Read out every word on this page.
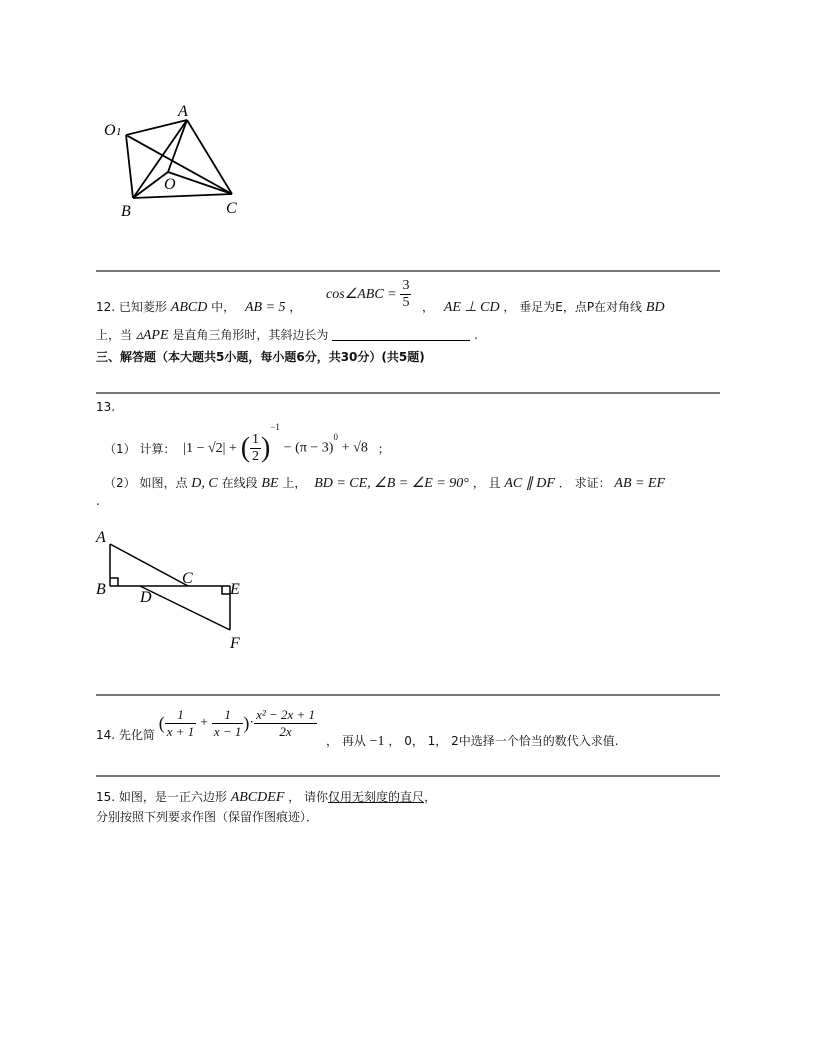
O 1
A
O
B	C
12. 已知菱形 ABCD 中， AB = 5 ，
cos∠ABC = $\frac{3}{5}$ ， AE ⊥ CD ， 垂足为E，点P在对角线 BD
上，当 ▵APE 是直角三角形时，其斜边长为	.
三、解答题（本大题共5小题，每小题6分，共30分）(共5题)
13.
（1） 计算： |1 − √2| + ( $\frac{1}{2} )^{-1} - (\pi - 3)^0 + √8$ ；
（2） 如图，点 D, C 在线段 BE 上， BD = CE, ∠B = ∠E = 90° ， 且 AC ∥ DF ． 求证： AB = EF
.
A
B
C
D	E
F
14. 先化简 ( $\frac{1}{x + 1} + \frac{1}{x - 1}$ )· $\frac{\text{x² − 2x + 1}}{2x}$
， 再从 −1 ， 0， 1， 2中选择一个恰当的数代入求值.
15. 如图，是一正六边形 ABCDEF ， 请你仅用无刻度的直尺，
分别按照下列要求作图（保留作图痕迹）．
